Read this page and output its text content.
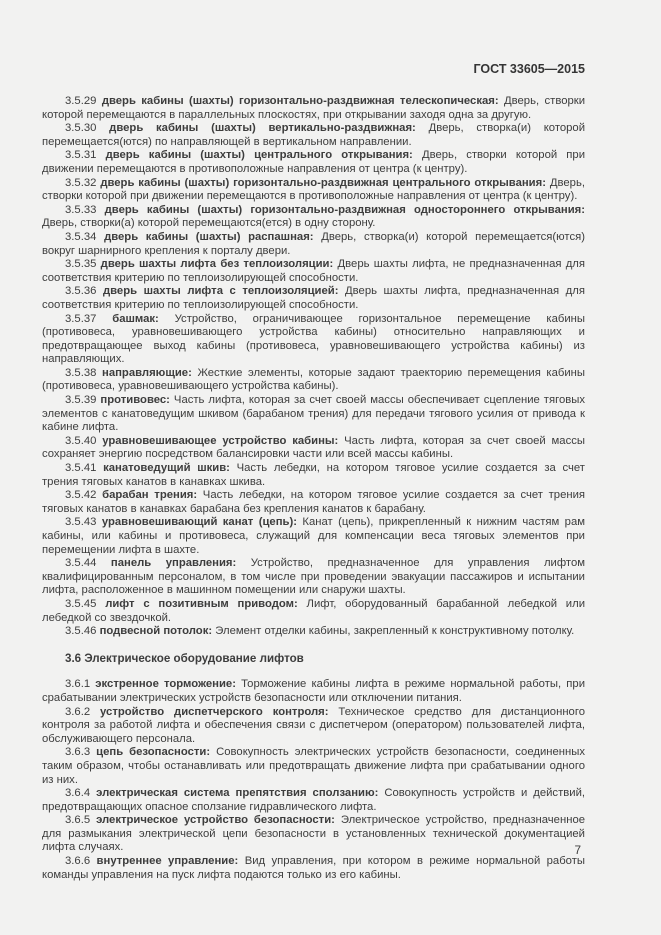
ГОСТ 33605—2015

3.5.29 дверь кабины (шахты) горизонтально-раздвижная телескопическая: Дверь, створки которой перемещаются в параллельных плоскостях, при открывании заходя одна за другую.

3.5.30 дверь кабины (шахты) вертикально-раздвижная: Дверь, створка(и) которой перемещается(ются) по направляющей в вертикальном направлении.

3.5.31 дверь кабины (шахты) центрального открывания: Дверь, створки которой при движении перемещаются в противоположные направления от центра (к центру).

3.5.32 дверь кабины (шахты) горизонтально-раздвижная центрального открывания: Дверь, створки которой при движении перемещаются в противоположные направления от центра (к центру).

3.5.33 дверь кабины (шахты) горизонтально-раздвижная одностороннего открывания: Дверь, створки(а) которой перемещаются(ется) в одну сторону.

3.5.34 дверь кабины (шахты) распашная: Дверь, створка(и) которой перемещается(ются) вокруг шарнирного крепления к порталу двери.

3.5.35 дверь шахты лифта без теплоизоляции: Дверь шахты лифта, не предназначенная для соответствия критерию по теплоизолирующей способности.

3.5.36 дверь шахты лифта с теплоизоляцией: Дверь шахты лифта, предназначенная для соответствия критерию по теплоизолирующей способности.

3.5.37 башмак: Устройство, ограничивающее горизонтальное перемещение кабины (противовеса, уравновешивающего устройства кабины) относительно направляющих и предотвращающее выход кабины (противовеса, уравновешивающего устройства кабины) из направляющих.

3.5.38 направляющие: Жесткие элементы, которые задают траекторию перемещения кабины (противовеса, уравновешивающего устройства кабины).

3.5.39 противовес: Часть лифта, которая за счет своей массы обеспечивает сцепление тяговых элементов с канатоведущим шкивом (барабаном трения) для передачи тягового усилия от привода к кабине лифта.

3.5.40 уравновешивающее устройство кабины: Часть лифта, которая за счет своей массы сохраняет энергию посредством балансировки части или всей массы кабины.

3.5.41 канатоведущий шкив: Часть лебедки, на котором тяговое усилие создается за счет трения тяговых канатов в канавках шкива.

3.5.42 барабан трения: Часть лебедки, на котором тяговое усилие создается за счет трения тяговых канатов в канавках барабана без крепления канатов к барабану.

3.5.43 уравновешивающий канат (цепь): Канат (цепь), прикрепленный к нижним частям рам кабины, или кабины и противовеса, служащий для компенсации веса тяговых элементов при перемещении лифта в шахте.

3.5.44 панель управления: Устройство, предназначенное для управления лифтом квалифицированным персоналом, в том числе при проведении эвакуации пассажиров и испытании лифта, расположенное в машинном помещении или снаружи шахты.

3.5.45 лифт с позитивным приводом: Лифт, оборудованный барабанной лебедкой или лебедкой со звездочкой.

3.5.46 подвесной потолок: Элемент отделки кабины, закрепленный к конструктивному потолку.

3.6 Электрическое оборудование лифтов

3.6.1 экстренное торможение: Торможение кабины лифта в режиме нормальной работы, при срабатывании электрических устройств безопасности или отключении питания.

3.6.2 устройство диспетчерского контроля: Техническое средство для дистанционного контроля за работой лифта и обеспечения связи с диспетчером (оператором) пользователей лифта, обслуживающего персонала.

3.6.3 цепь безопасности: Совокупность электрических устройств безопасности, соединенных таким образом, чтобы останавливать или предотвращать движение лифта при срабатывании одного из них.

3.6.4 электрическая система препятствия сползанию: Совокупность устройств и действий, предотвращающих опасное сползание гидравлического лифта.

3.6.5 электрическое устройство безопасности: Электрическое устройство, предназначенное для размыкания электрической цепи безопасности в установленных технической документацией лифта случаях.

3.6.6 внутреннее управление: Вид управления, при котором в режиме нормальной работы команды управления на пуск лифта подаются только из его кабины.

7
